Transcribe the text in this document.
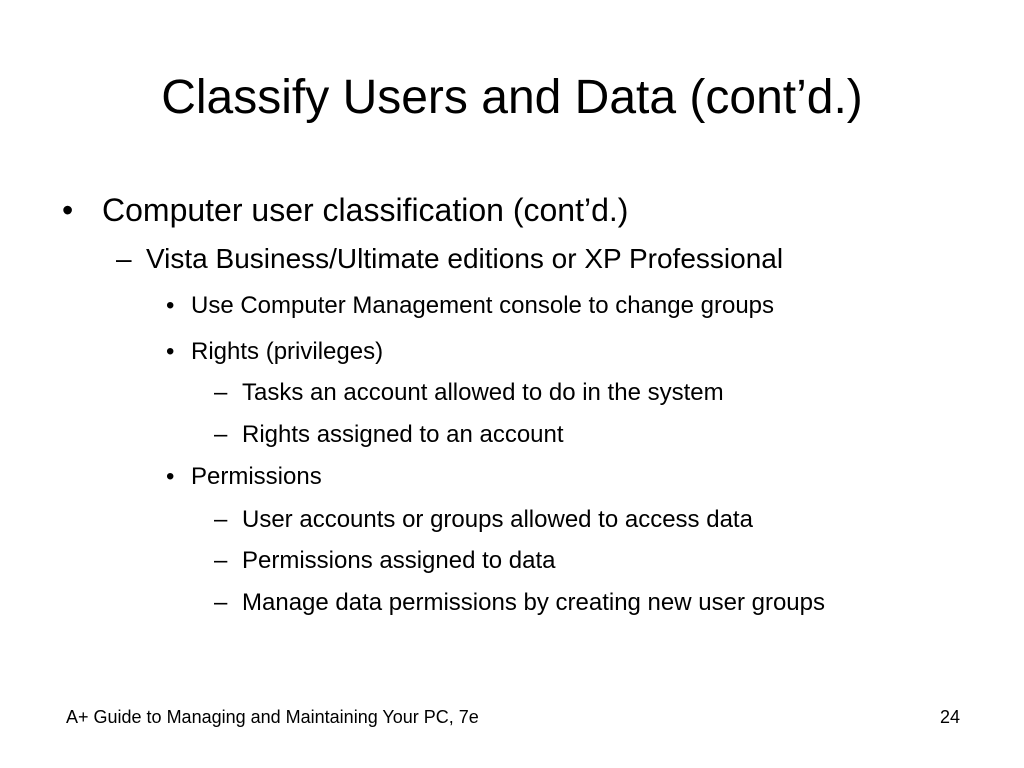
Classify Users and Data (cont’d.)
• Computer user classification (cont’d.)
– Vista Business/Ultimate editions or XP Professional
• Use Computer Management console to change groups
• Rights (privileges)
– Tasks an account allowed to do in the system
– Rights assigned to an account
• Permissions
– User accounts or groups allowed to access data
– Permissions assigned to data
– Manage data permissions by creating new user groups
A+ Guide to Managing and Maintaining Your PC, 7e	24
